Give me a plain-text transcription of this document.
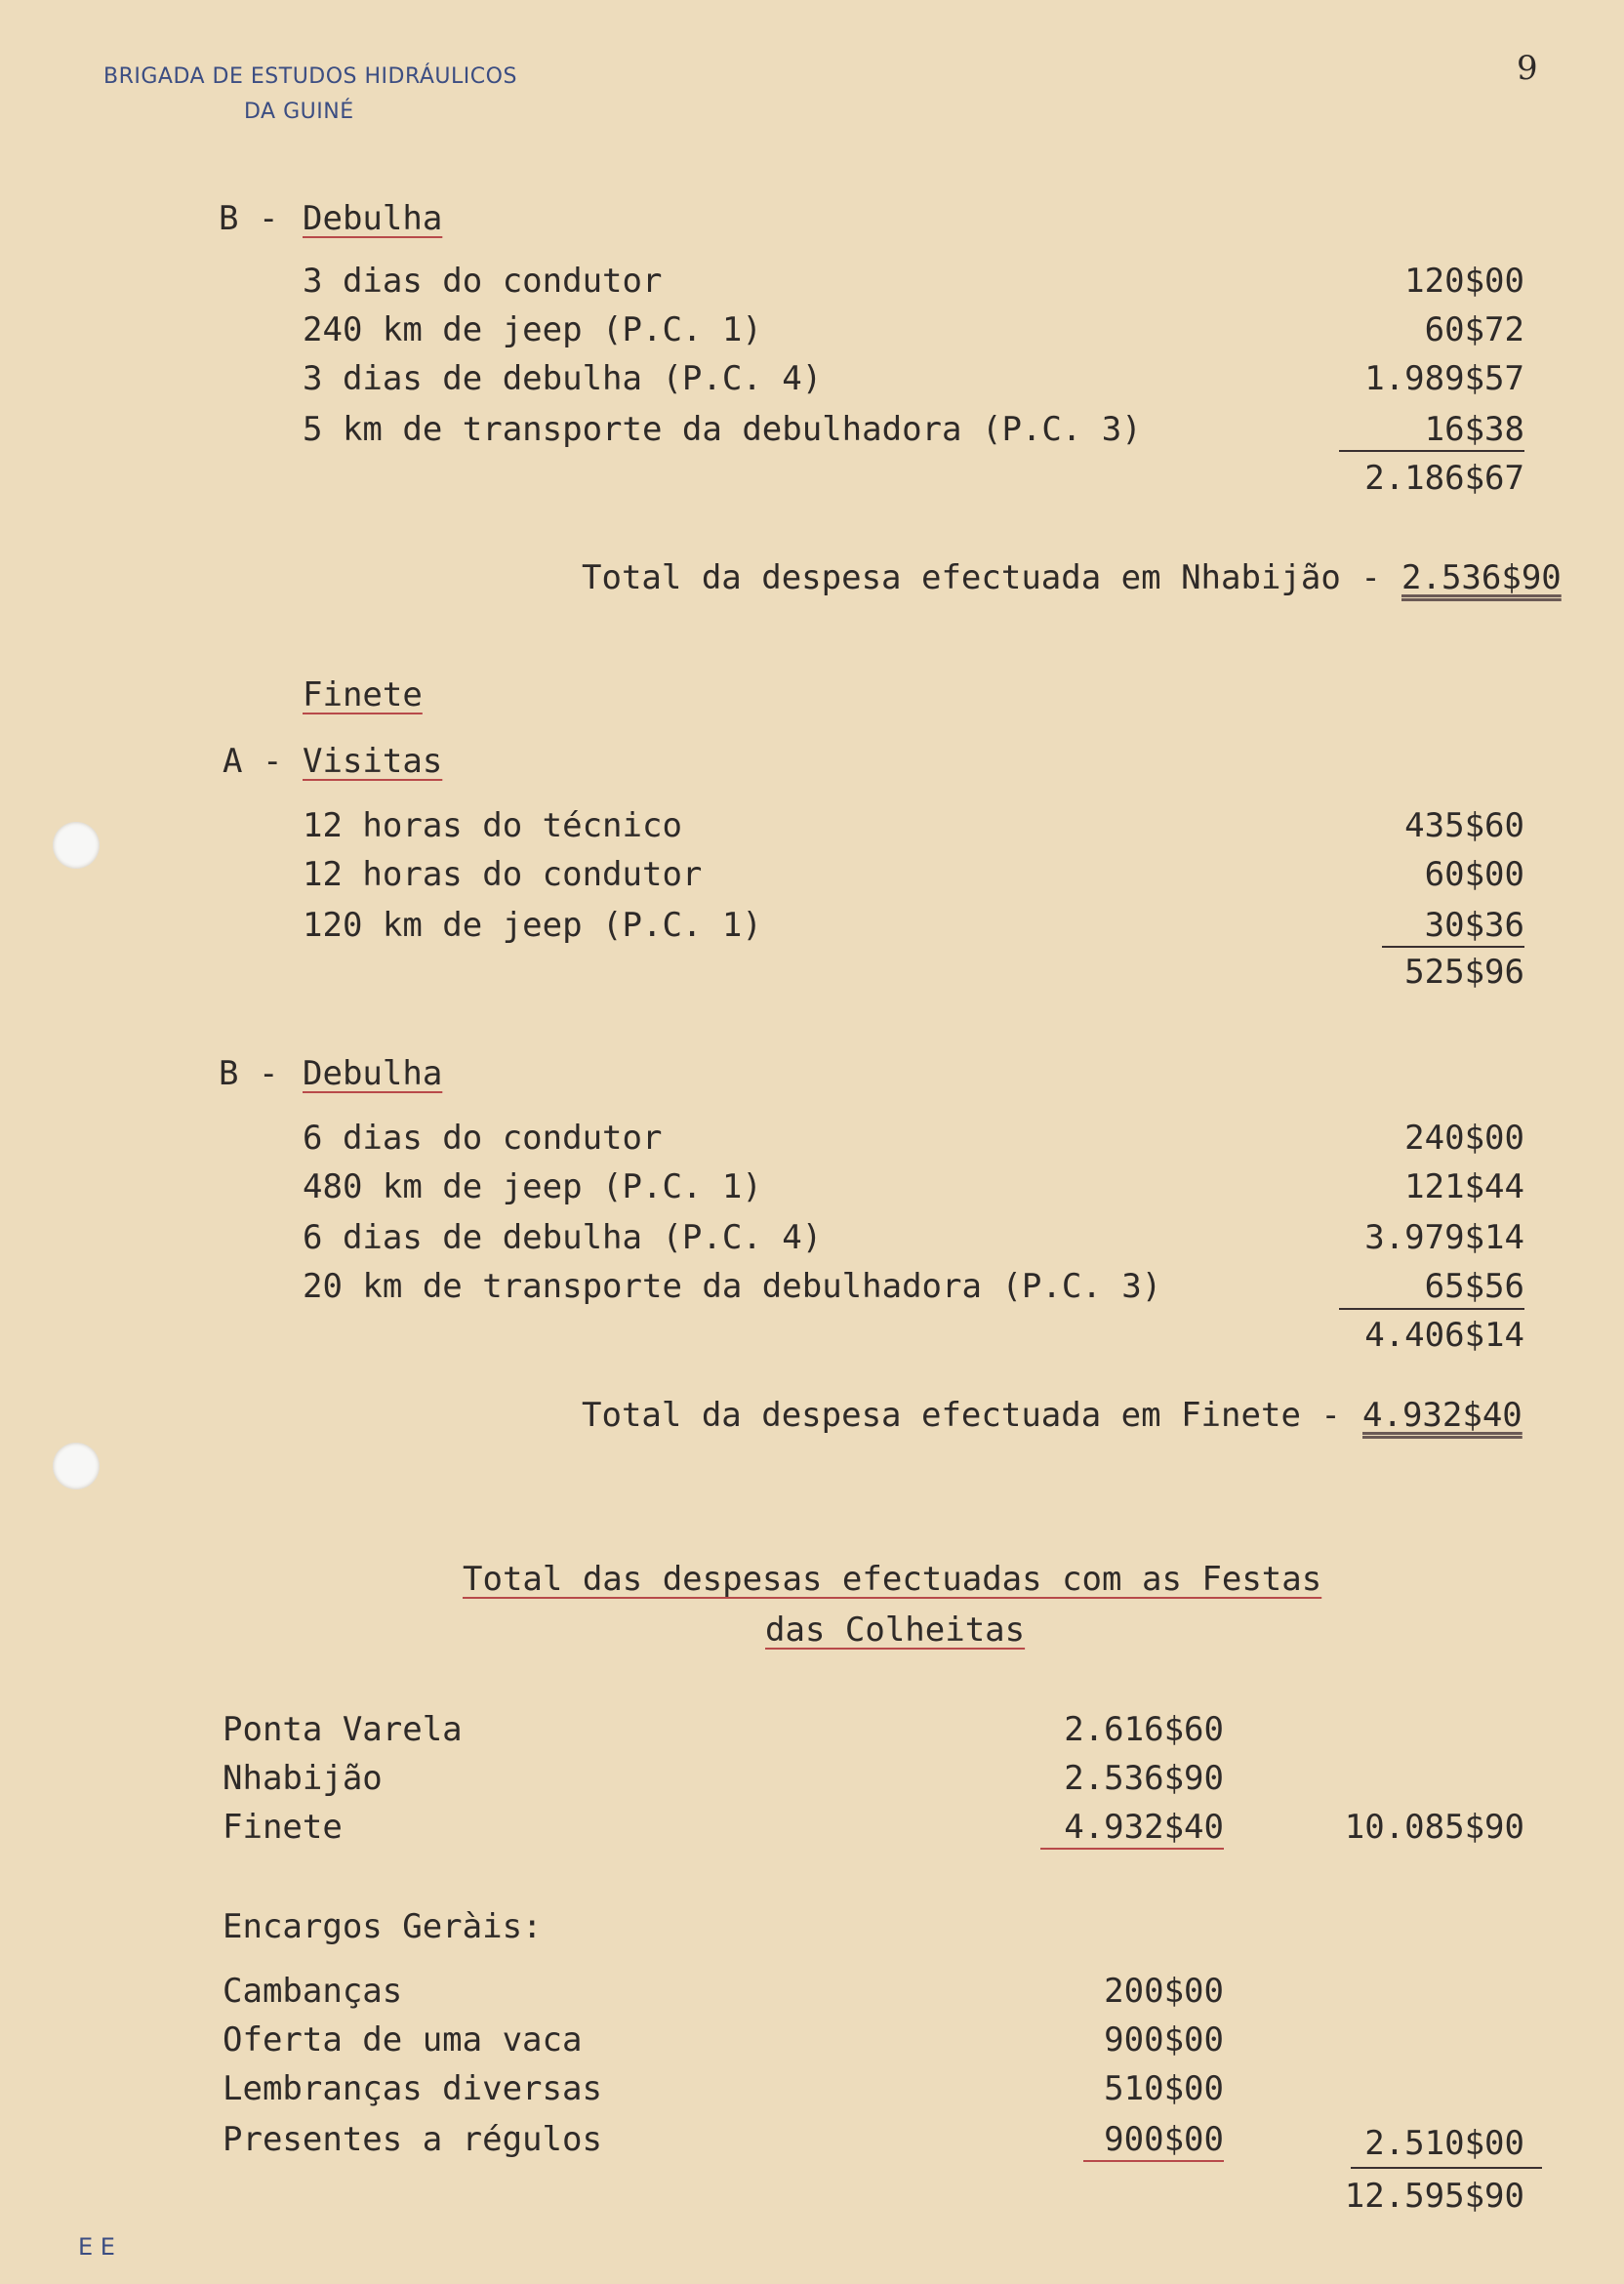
BRIGADA DE ESTUDOS HIDRÁULICOS
DA GUINÉ
9
B - Debulha
3 dias do condutor	120$00
240 km de jeep (P.C. 1)	60$72
3 dias de debulha (P.C. 4)	1.989$57
5 km de transporte da debulhadora (P.C. 3)	16$38
2.186$67
Total da despesa efectuada em Nhabijão - 2.536$90
Finete
A - Visitas
12 horas do técnico	435$60
12 horas do condutor	60$00
120 km de jeep (P.C. 1)	30$36
525$96
B - Debulha
6 dias do condutor	240$00
480 km de jeep (P.C. 1)	121$44
6 dias de debulha (P.C. 4)	3.979$14
20 km de transporte da debulhadora (P.C. 3)	65$56
4.406$14
Total da despesa efectuada em Finete - 4.932$40
Total das despesas efectuadas com as Festas
das Colheitas
Ponta Varela	2.616$60
Nhabijão	2.536$90
Finete	4.932$40	10.085$90
Encargos Geràis:
Cambanças	200$00
Oferta de uma vaca	900$00
Lembranças diversas	510$00
Presentes a régulos	900$00	2.510$00
12.595$90
E E
